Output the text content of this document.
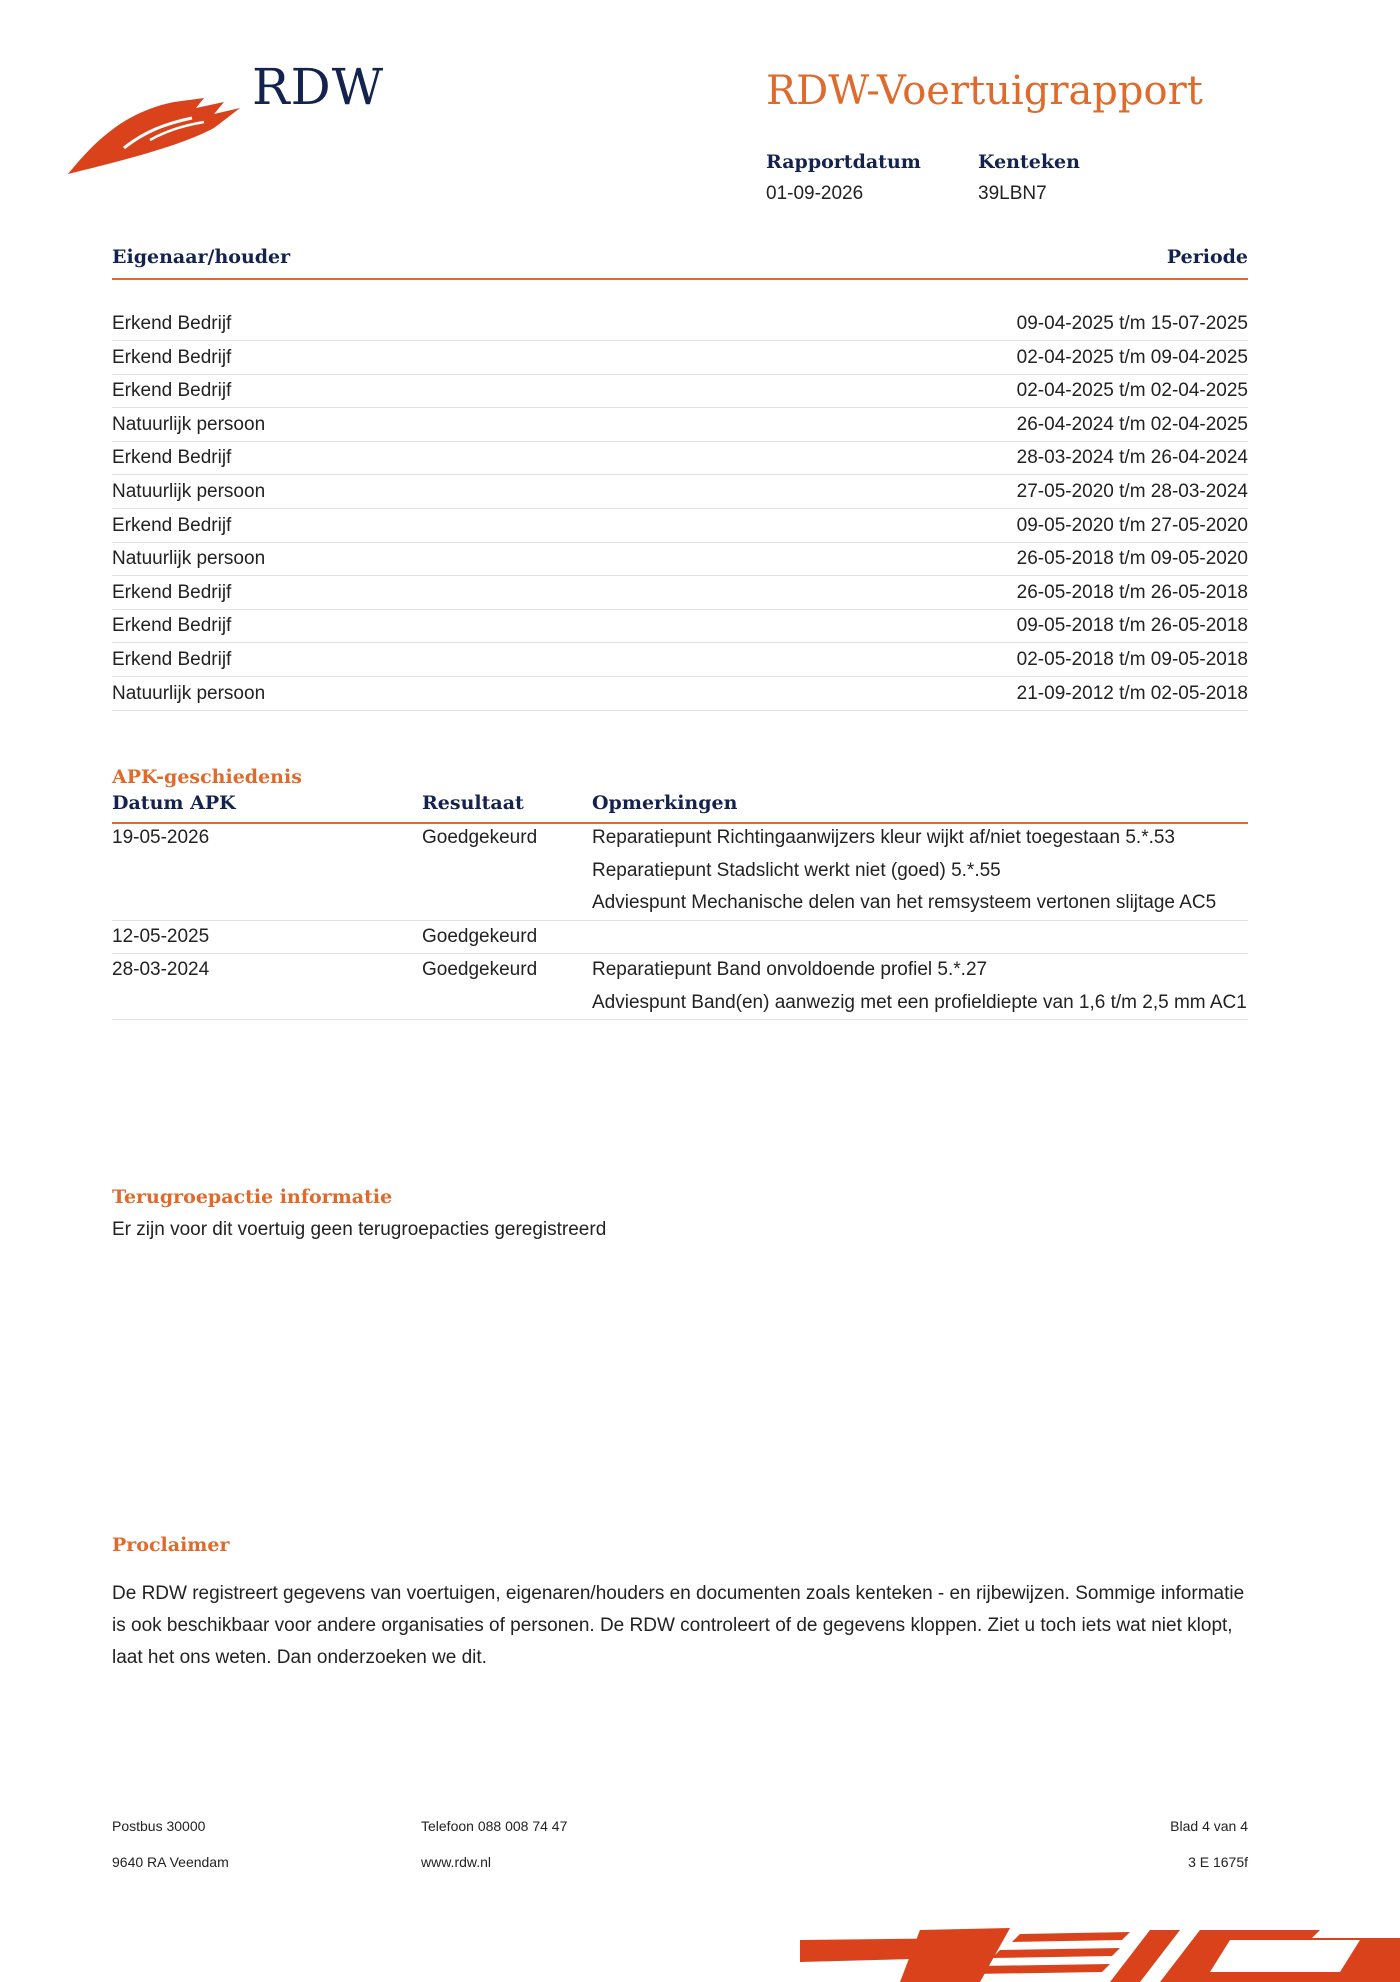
RDW	RDW-Voertuigrapport
Rapportdatum
01-09-2026
Kenteken
39LBN7
Eigenaar/houder	Periode
Erkend Bedrijf	09-04-2025 t/m 15-07-2025
Erkend Bedrijf	02-04-2025 t/m 09-04-2025
Erkend Bedrijf	02-04-2025 t/m 02-04-2025
Natuurlijk persoon	26-04-2024 t/m 02-04-2025
Erkend Bedrijf	28-03-2024 t/m 26-04-2024
Natuurlijk persoon	27-05-2020 t/m 28-03-2024
Erkend Bedrijf	09-05-2020 t/m 27-05-2020
Natuurlijk persoon	26-05-2018 t/m 09-05-2020
Erkend Bedrijf	26-05-2018 t/m 26-05-2018
Erkend Bedrijf	09-05-2018 t/m 26-05-2018
Erkend Bedrijf	02-05-2018 t/m 09-05-2018
Natuurlijk persoon	21-09-2012 t/m 02-05-2018
APK-geschiedenis
Datum APK	Resultaat	Opmerkingen
19-05-2026	Goedgekeurd	Reparatiepunt Richtingaanwijzers kleur wijkt af/niet toegestaan 5.*.53
Reparatiepunt Stadslicht werkt niet (goed) 5.*.55
Adviespunt Mechanische delen van het remsysteem vertonen slijtage AC5
12-05-2025	Goedgekeurd
28-03-2024	Goedgekeurd	Reparatiepunt Band onvoldoende profiel 5.*.27
Adviespunt Band(en) aanwezig met een profieldiepte van 1,6 t/m 2,5 mm AC1
Terugroepactie informatie
Er zijn voor dit voertuig geen terugroepacties geregistreerd
Proclaimer
De RDW registreert gegevens van voertuigen, eigenaren/houders en documenten zoals kenteken - en rijbewijzen. Sommige informatie is ook beschikbaar voor andere organisaties of personen. De RDW controleert of de gegevens kloppen. Ziet u toch iets wat niet klopt, laat het ons weten. Dan onderzoeken we dit.
Postbus 30000
9640 RA Veendam
Telefoon 088 008 74 47
www.rdw.nl
Blad 4 van 4
3 E 1675f
